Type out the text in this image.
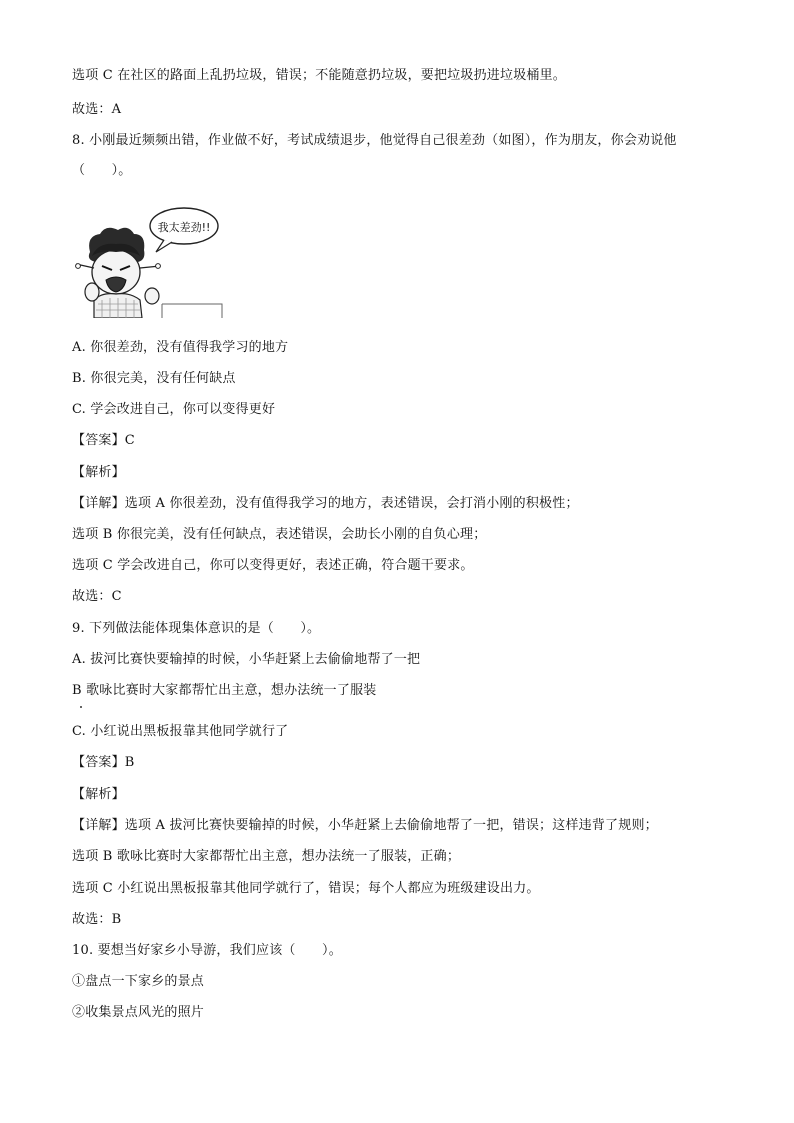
选项 C 在社区的路面上乱扔垃圾，错误；不能随意扔垃圾，要把垃圾扔进垃圾桶里。
故选：A
8. 小刚最近频频出错，作业做不好，考试成绩退步，他觉得自己很差劲（如图），作为朋友，你会劝说他
（　　）。
我太差劲!!
A. 你很差劲，没有值得我学习的地方
B. 你很完美，没有任何缺点
C. 学会改进自己，你可以变得更好
【答案】C
【解析】
【详解】选项 A 你很差劲，没有值得我学习的地方，表述错误，会打消小刚的积极性；
选项 B 你很完美，没有任何缺点，表述错误，会助长小刚的自负心理；
选项 C 学会改进自己，你可以变得更好，表述正确，符合题干要求。
故选：C
9. 下列做法能体现集体意识的是（　　）。
A. 拔河比赛快要输掉的时候，小华赶紧上去偷偷地帮了一把
B 歌咏比赛时大家都帮忙出主意，想办法统一了服装
C. 小红说出黑板报靠其他同学就行了
【答案】B
【解析】
【详解】选项 A 拔河比赛快要输掉的时候，小华赶紧上去偷偷地帮了一把，错误；这样违背了规则；
选项 B 歌咏比赛时大家都帮忙出主意，想办法统一了服装，正确；
选项 C 小红说出黑板报靠其他同学就行了，错误；每个人都应为班级建设出力。
故选：B
10. 要想当好家乡小导游，我们应该（　　）。
①盘点一下家乡的景点
②收集景点风光的照片
